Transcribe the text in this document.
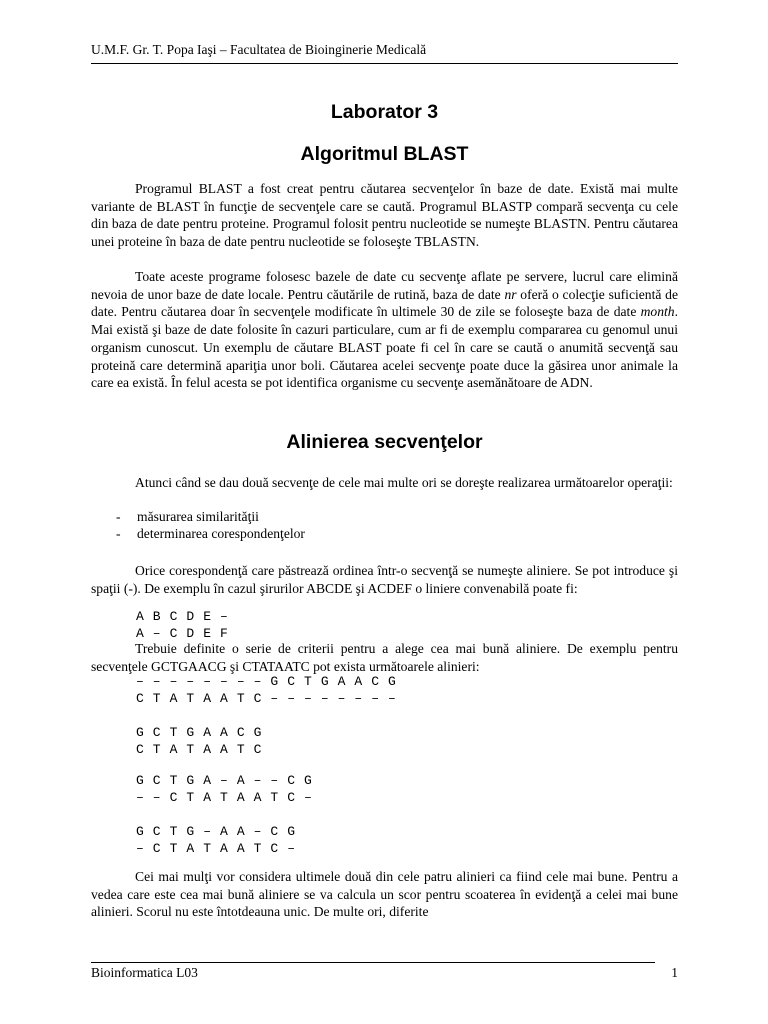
U.M.F. Gr. T. Popa Iaşi – Facultatea de Bioinginerie Medicală
Laborator 3
Algoritmul BLAST

Programul BLAST a fost creat pentru căutarea secvenţelor în baze de date. Există mai multe variante de BLAST în funcţie de secvenţele care se caută. Programul BLASTP compară secvenţa cu cele din baza de date pentru proteine. Programul folosit pentru nucleotide se numeşte BLASTN. Pentru căutarea unei proteine în baza de date pentru nucleotide se foloseşte TBLASTN.

Toate aceste programe folosesc bazele de date cu secvenţe aflate pe servere, lucrul care elimină nevoia de unor baze de date locale. Pentru căutările de rutină, baza de date nr oferă o colecţie suficientă de date. Pentru căutarea doar în secvenţele modificate în ultimele 30 de zile se foloseşte baza de date month. Mai există şi baze de date folosite în cazuri particulare, cum ar fi de exemplu compararea cu genomul unui organism cunoscut. Un exemplu de căutare BLAST poate fi cel în care se caută o anumită secvenţă sau proteină care determină apariţia unor boli. Căutarea acelei secvenţe poate duce la găsirea unor animale la care ea există. În felul acesta se pot identifica organisme cu secvenţe asemănătoare de ADN.

Alinierea secvenţelor

Atunci când se dau două secvenţe de cele mai multe ori se doreşte realizarea următoarelor operaţii:

- măsurarea similarităţii
- determinarea corespondenţelor

Orice corespondenţă care păstrează ordinea într-o secvenţă se numeşte aliniere. Se pot introduce şi spaţii (-). De exemplu în cazul şirurilor ABCDE şi ACDEF o liniere convenabilă poate fi:

A B C D E –
A – C D E F

Trebuie definite o serie de criterii pentru a alege cea mai bună aliniere. De exemplu pentru secvenţele GCTGAACG şi CTATAATC pot exista următoarele alinieri:

– – – – – – – – G C T G A A C G
C T A T A A T C – – – – – – – –
G C T G A A C G
C T A T A A T C
G C T G A – A – – C G
– – C T A T A A T C –
G C T G – A A – C G
– C T A T A A T C –

Cei mai mulţi vor considera ultimele două din cele patru alinieri ca fiind cele mai bune. Pentru a vedea care este cea mai bună aliniere se va calcula un scor pentru scoaterea în evidenţă a celei mai bune alinieri. Scorul nu este întotdeauna unic. De multe ori, diferite

Bioinformatica L03	1
